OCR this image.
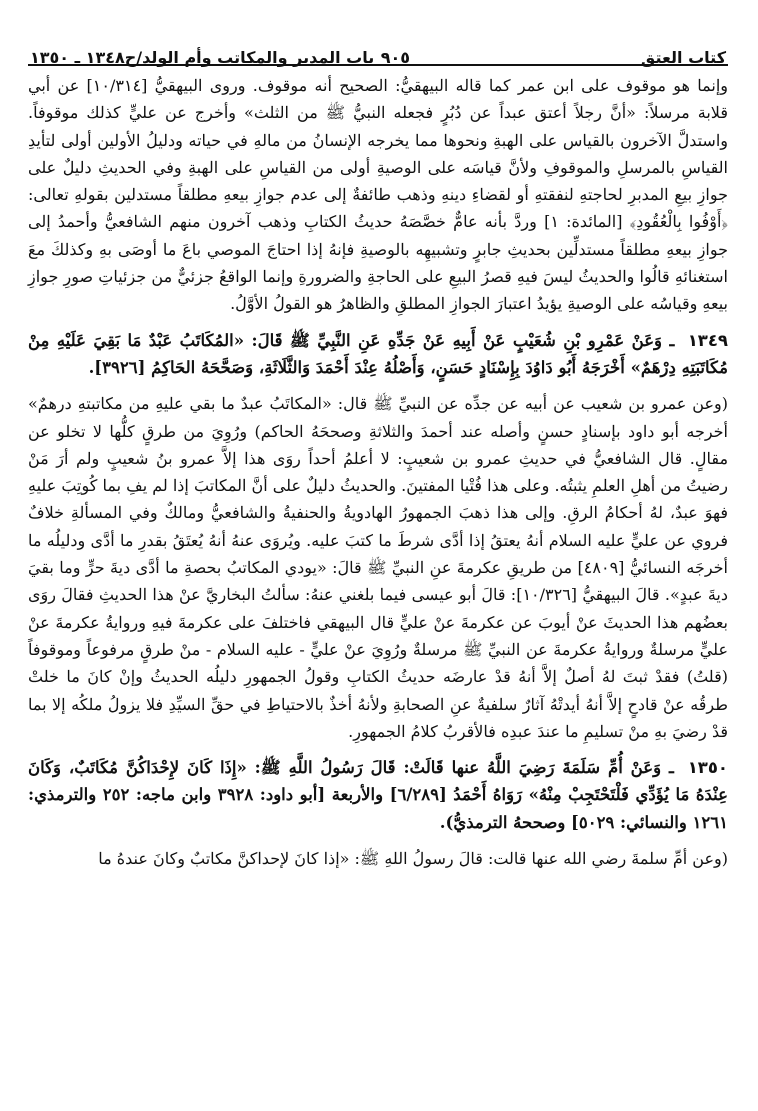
كتاب العتق
٩٠٥
باب المدبر والمكاتب وأم الولد/ح١٣٤٨ ـ ١٣٥٠

وإنما هو موقوف على ابن عمر كما قاله البيهقيُّ: الصحيح أنه موقوف. وروى البيهقيُّ [١٠/٣١٤] عن أبي قلابة مرسلاً: «أنَّ رجلاً أعتق عبداً عن دُبُرٍ فجعله النبيُّ ﷺ من الثلث» وأخرج عن عليٍّ كذلك موقوفاً. واستدلَّ الآخرون بالقياس على الهبةِ ونحوها مما يخرجه الإنسانُ من مالهِ في حياته ودليلُ الأولين أولى لتأيدِ القياسِ بالمرسلِ والموقوفِ ولأنَّ قياسَه على الوصيةِ أولى من القياسِ على الهبةِ وفي الحديثِ دليلٌ على جوازِ بيعِ المدبرِ لحاجتهِ لنفقتهِ أو لقضاءِ دينهِ وذهب طائفةٌ إلى عدم جوازِ بيعهِ مطلقاً مستدلين بقولهِ تعالى: ﴿أَوْفُوا بِالْعُقُودِ﴾ [المائدة: ١] وردَّ بأنه عامٌّ خصَّصَهُ حديثُ الكتابِ وذهب آخرون منهم الشافعيُّ وأحمدُ إلى جوازِ بيعهِ مطلقاً مستدلِّين بحديثِ جابرٍ وتشبيهِه بالوصيةِ فإنهُ إذا احتاجَ الموصي باعَ ما أوصَى بهِ وكذلكَ معَ استغنائهِ قالُوا والحديثُ ليسَ فيهِ قصرُ البيعِ على الحاجةِ والضرورةِ وإنما الواقعُ جزئيٌّ من جزئياتِ صورِ جوازِ بيعهِ وقياسُه على الوصيةِ يؤيدُ اعتبارَ الجوازِ المطلقِ والظاهرُ هو القولُ الأوَّلُ.

١٣٤٩ ـ وَعَنْ عَمْرِو بْنِ شُعَيْبٍ عَنْ أَبِيهِ عَنْ جَدِّهِ عَنِ النَّبِيِّ ﷺ قَالَ: «المُكَاتَبُ عَبْدٌ مَا بَقِيَ عَلَيْهِ مِنْ مُكَاتَبَتِهِ دِرْهَمٌ» أَخْرَجَهُ أَبُو دَاوُدَ بِإِسْنَادٍ حَسَنٍ، وَأَصْلُهُ عِنْدَ أَحْمَدَ وَالثَّلَاثَةِ، وَصَحَّحَهُ الحَاكِمُ [٣٩٢٦].

(وعن عمرو بن شعيب عن أبيه عن جدِّه عن النبيِّ ﷺ قال: «المكاتَبُ عبدٌ ما بقي عليهِ من مكاتبتهِ درهمٌ» أخرجه أبو داود بإسنادٍ حسنٍ وأصله عند أحمدَ والثلاثةِ وصححَهُ الحاكم) ورُوِيَ من طرقٍ كلُّها لا تخلو عن مقالٍ. قال الشافعيُّ في حديثِ عمرو بن شعيبٍ: لا أعلمُ أحداً روَى هذا إلاَّ عمرو بنُ شعيبٍ ولم أرَ مَنْ رضيتُ من أهلِ العلمِ يثبتُه. وعلى هذا فُتْيا المفتينَ. والحديثُ دليلٌ على أنَّ المكاتبَ إذا لم يفِ بما كُوتِبَ عليهِ فهوَ عبدٌ، لهُ أحكامُ الرقِ. وإلى هذا ذهبَ الجمهورُ الهادويةُ والحنفيةُ والشافعيُّ ومالكٌ وفي المسألةِ خلافٌ فروي عن عليٍّ عليه السلام أنهُ يعتقُ إذا أدَّى شرطَ ما كتبَ عليه. ويُروَى عنهُ أنهُ يُعتَقُ بقدرِ ما أدَّى ودليلُه ما أخرجَه النسائيُّ [٤٨٠٩] من طريقِ عكرمةَ عنِ النبيِّ ﷺ قالَ: «يودي المكاتبُ بحصةِ ما أدَّى ديةَ حرٍّ وما بقيَ ديةَ عبدٍ». قالَ البيهقيُّ [١٠/٣٢٦]: قالَ أبو عيسى فيما بلغني عنهُ: سألتُ البخاريَّ عنْ هذا الحديثِ فقالَ روَى بعضُهم هذا الحديثَ عنْ أيوبَ عن عكرمةَ عنْ عليٍّ قال البيهقي فاختلفَ على عكرمةَ فيهِ وروايةُ عكرمةَ عنْ عليٍّ مرسلةٌ وروايةُ عكرمةَ عن النبيِّ ﷺ مرسلةٌ ورُوِيَ عنْ عليٍّ - عليه السلام - منْ طرقٍ مرفوعاً وموقوفاً (قلتُ) فقدْ ثبتَ لهُ أصلٌ إلاَّ أنهُ قدْ عارضَه حديثُ الكتابِ وقولُ الجمهورِ دليلُه الحديثُ وإنْ كانَ ما خلتْ طرقُه عنْ قادحٍ إلاَّ أنهُ أيدتْهُ آثارٌ سلفيةٌ عنِ الصحابةِ ولأنهُ أخذٌ بالاحتياطِ في حقِّ السيِّدِ فلا يزولُ ملكُه إلا بما قدْ رضيَ بهِ منْ تسليمِ ما عندَ عبدِه فالأقربُ كلامُ الجمهورِ.

١٣٥٠ ـ وَعَنْ أُمِّ سَلَمَةَ رَضِيَ اللَّهُ عنها قَالَتْ: قَالَ رَسُولُ اللَّهِ ﷺ: «إِذَا كَانَ لإِحْدَاكُنَّ مُكَاتَبٌ، وَكَانَ عِنْدَهُ مَا يُؤَدِّي فَلْتَحْتَجِبْ مِنْهُ» رَوَاهُ أَحْمَدُ [٦/٢٨٩] والأربعة [أبو داود: ٣٩٢٨ وابن ماجه: ٢٥٢ والترمذي: ١٢٦١ والنسائي: ٥٠٢٩] وصححهُ الترمذيُّ).

(وعن أمِّ سلمةَ رضي الله عنها قالت: قالَ رسولُ اللهِ ﷺ: «إذا كانَ لإحداكنَّ مكاتبٌ وكانَ عندهُ ما
